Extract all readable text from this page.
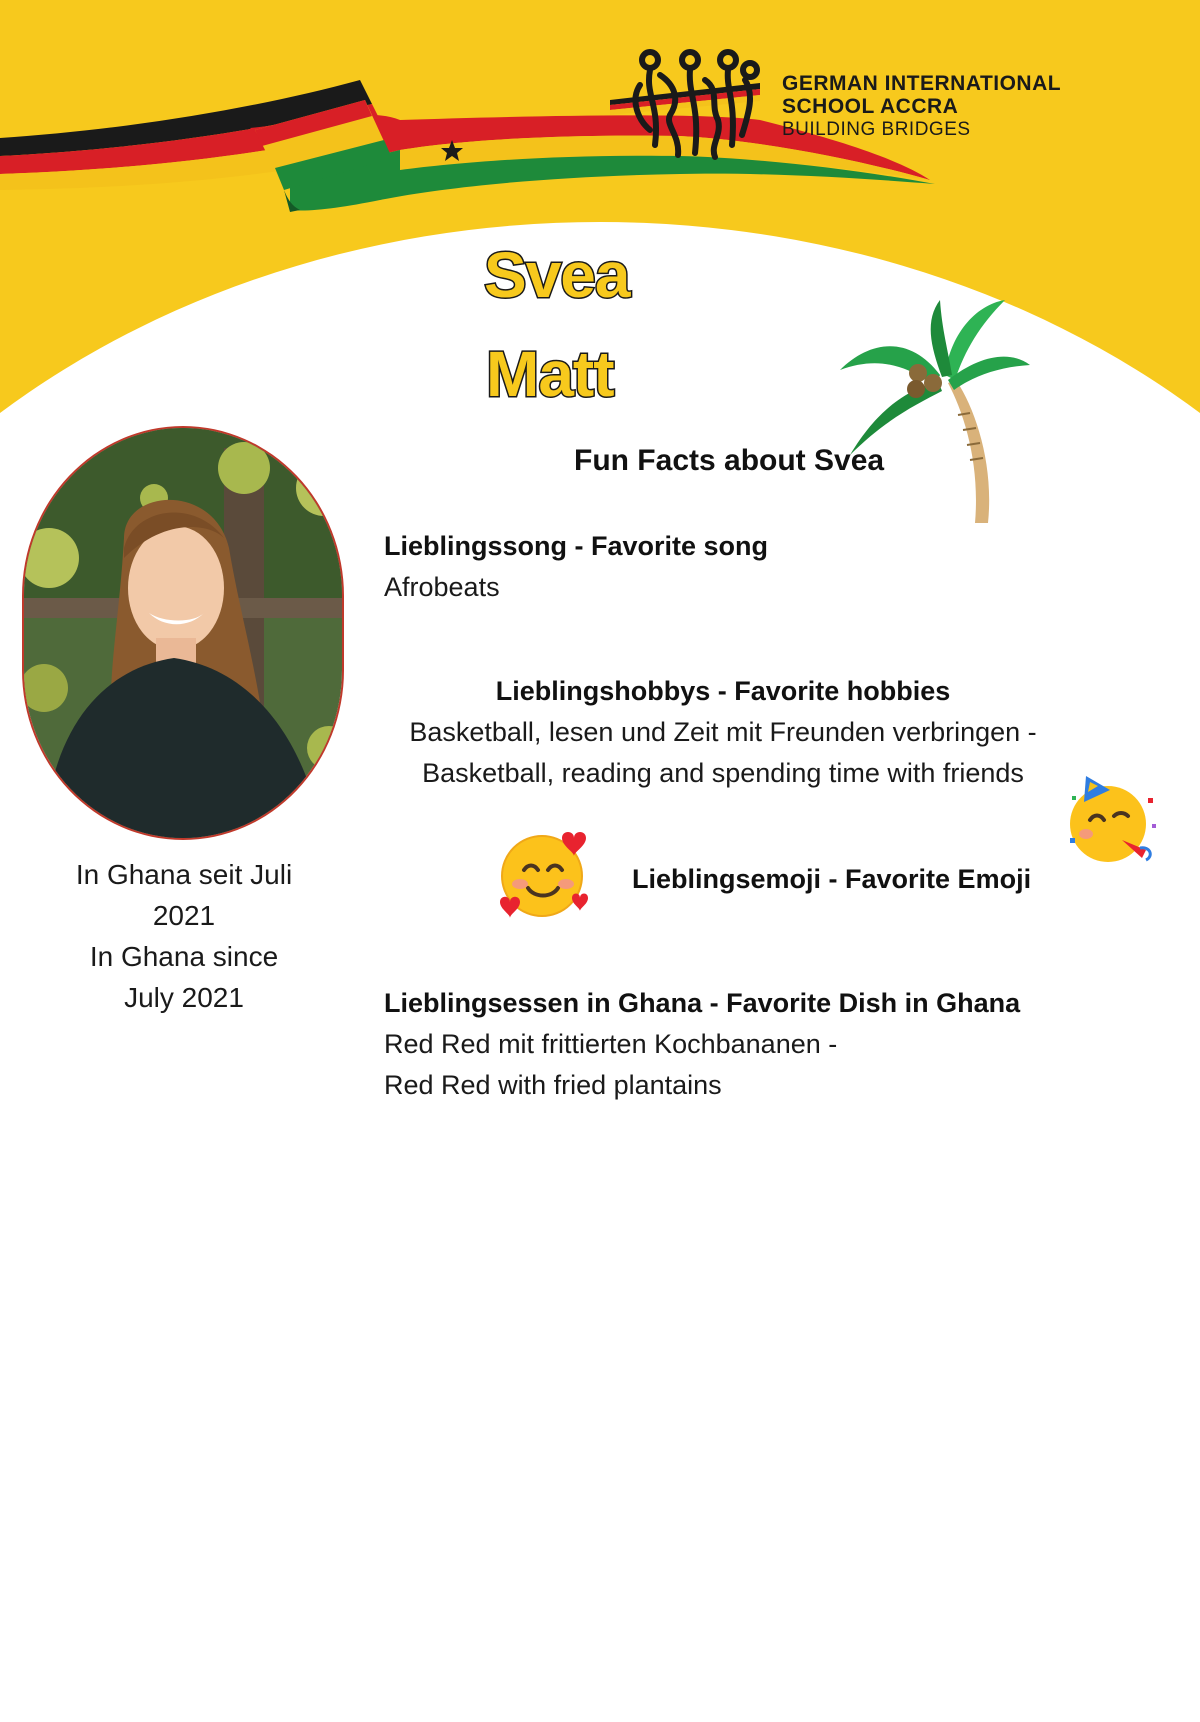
GERMAN INTERNATIONAL
SCHOOL ACCRA
BUILDING BRIDGES
Svea
Matt
Fun Facts about Svea
In Ghana seit Juli
2021
In Ghana since
July 2021
Lieblingssong - Favorite song
Afrobeats
Lieblingshobbys - Favorite hobbies
Basketball, lesen und Zeit mit Freunden verbringen -
Basketball, reading and spending time with friends
Lieblingsemoji - Favorite Emoji
Lieblingsessen in Ghana - Favorite Dish in Ghana
Red Red mit frittierten Kochbananen -
Red Red with fried plantains
